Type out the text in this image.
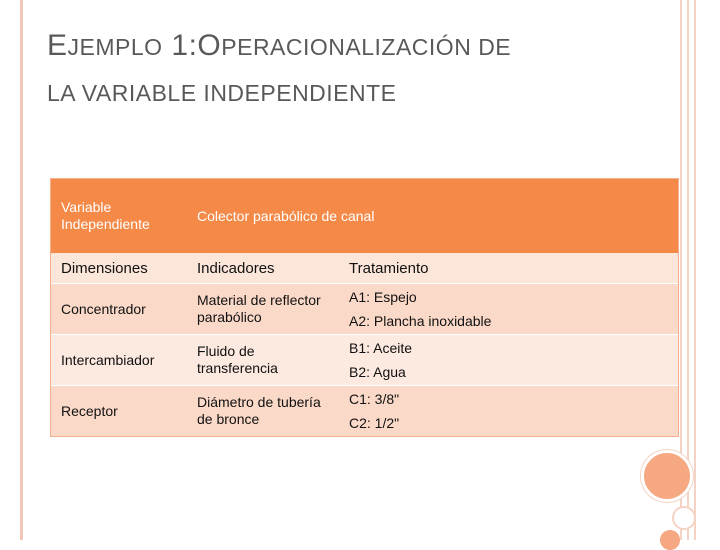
EJEMPLO 1:OPERACIONALIZACIÓN DE
LA VARIABLE INDEPENDIENTE
Variable Independiente	Colector parabólico de canal	
Dimensiones	Indicadores	Tratamiento
Concentrador	Material de reflector parabólico	A1: Espejo
A2: Plancha inoxidable

Intercambiador	Fluido de transferencia	B1: Aceite
B2: Agua

Receptor	Diámetro de tubería de bronce	C1: 3/8"
C2: 1/2"
